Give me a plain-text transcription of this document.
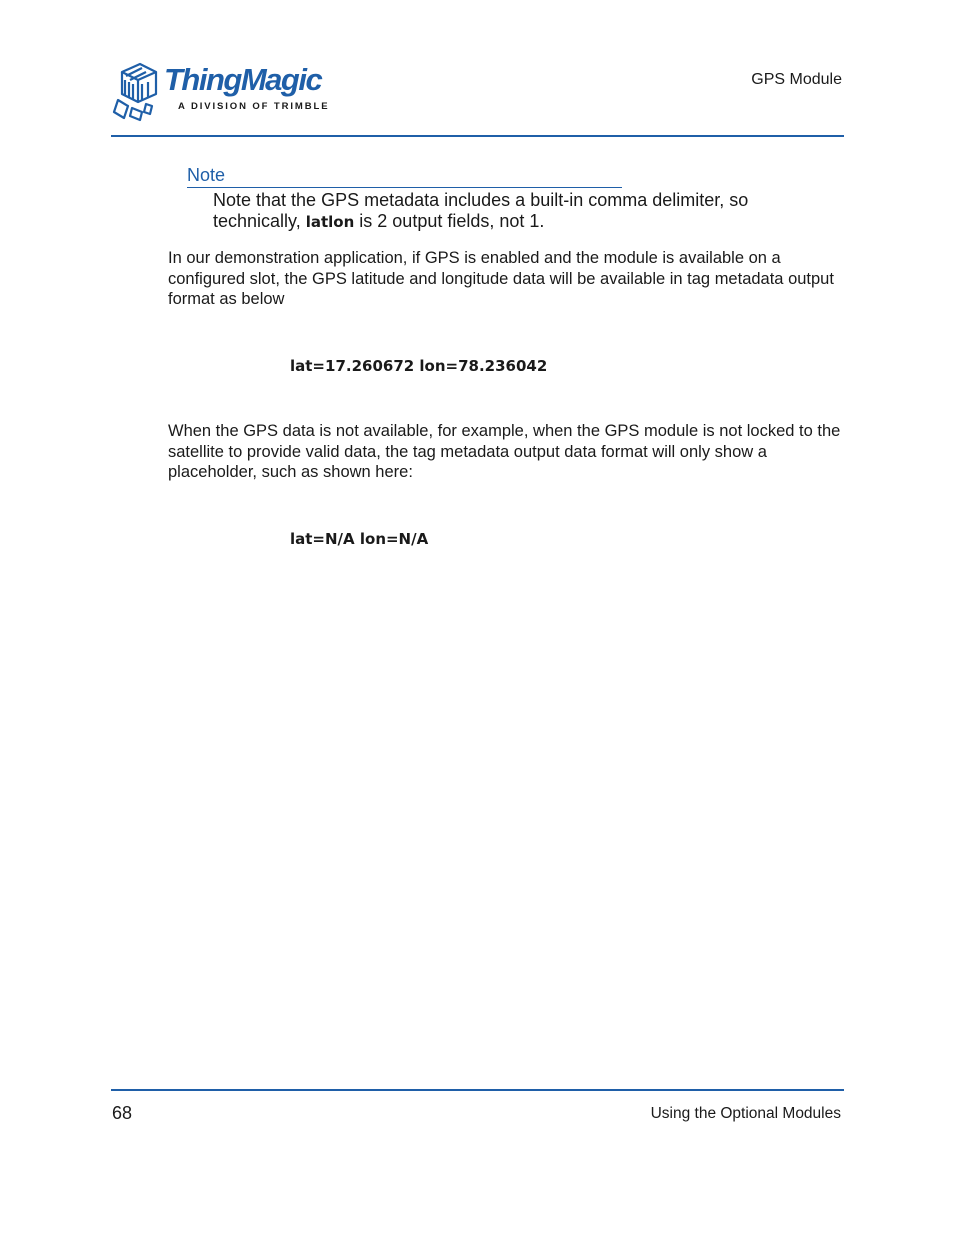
ThingMagic
A DIVISION OF TRIMBLE
GPS Module
Note
Note that the GPS metadata includes a built-in comma delimiter, so technically, latlon is 2 output fields, not 1.
In our demonstration application, if GPS is enabled and the module is available on a configured slot, the GPS latitude and longitude data will be available in tag metadata output format as below
lat=17.260672 lon=78.236042
When the GPS data is not available, for example, when the GPS module is not locked to the satellite to provide valid data, the tag metadata output data format will only show a placeholder, such as shown here:
lat=N/A lon=N/A
68	Using the Optional Modules
